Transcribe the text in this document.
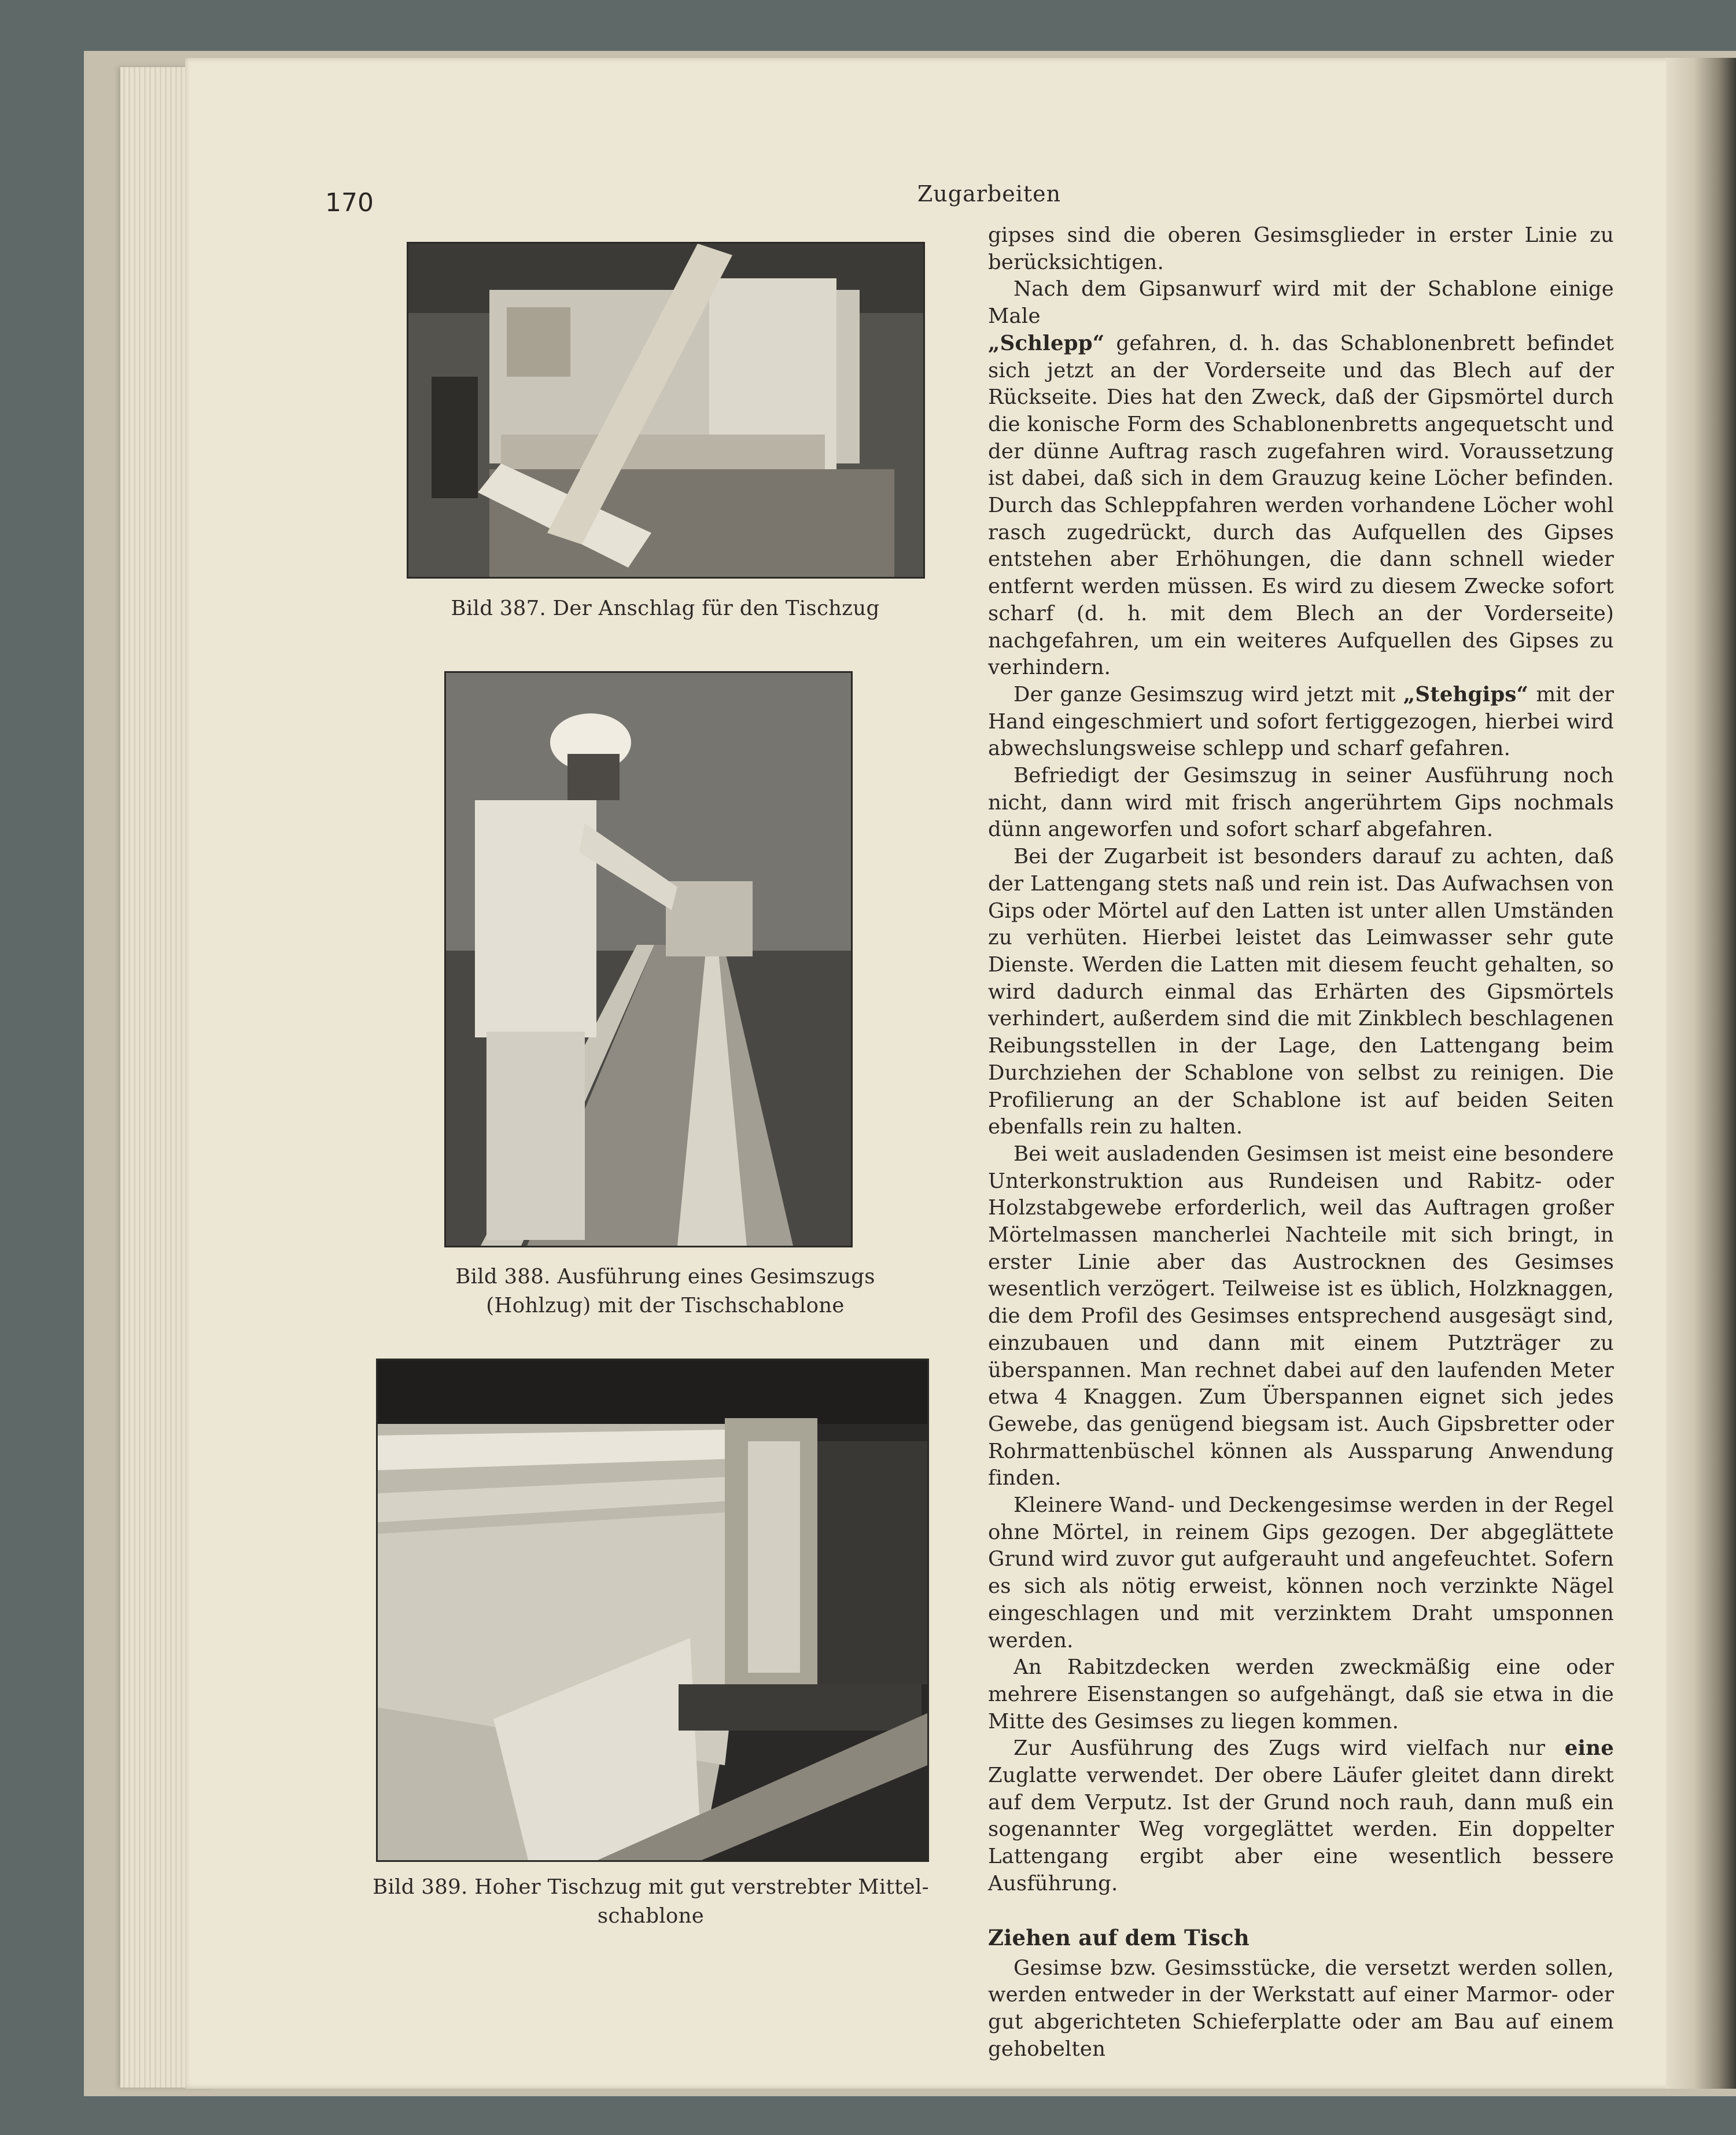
170	Zugarbeiten
Bild 387. Der Anschlag für den Tischzug
Bild 388. Ausführung eines Gesimszugs
(Hohlzug) mit der Tischschablone
Bild 389. Hoher Tischzug mit gut verstrebter Mittel-
schablone

gipses sind die oberen Gesimsglieder in erster Linie zu berücksichtigen.

Nach dem Gipsanwurf wird mit der Schablone einige Male
„Schlepp“ gefahren, d. h. das Schablonenbrett befindet sich jetzt an der Vorderseite und das Blech auf der Rückseite. Dies hat den Zweck, daß der Gipsmörtel durch die konische Form des Schablonenbretts angequetscht und der dünne Auftrag rasch zugefahren wird. Voraussetzung ist dabei, daß sich in dem Grauzug keine Löcher befinden. Durch das Schleppfahren werden vorhandene Löcher wohl rasch zugedrückt, durch das Aufquellen des Gipses entstehen aber Erhöhungen, die dann schnell wieder entfernt werden müssen. Es wird zu diesem Zwecke sofort scharf (d. h. mit dem Blech an der Vorderseite) nachgefahren, um ein weiteres Aufquellen des Gipses zu verhindern.

Der ganze Gesimszug wird jetzt mit „Stehgips“ mit der Hand eingeschmiert und sofort fertiggezogen, hierbei wird abwechslungsweise schlepp und scharf gefahren.

Befriedigt der Gesimszug in seiner Ausführung noch nicht, dann wird mit frisch angerührtem Gips nochmals dünn angeworfen und sofort scharf abgefahren.

Bei der Zugarbeit ist besonders darauf zu achten, daß der Lattengang stets naß und rein ist. Das Aufwachsen von Gips oder Mörtel auf den Latten ist unter allen Umständen zu verhüten. Hierbei leistet das Leimwasser sehr gute Dienste. Werden die Latten mit diesem feucht gehalten, so wird dadurch einmal das Erhärten des Gipsmörtels verhindert, außerdem sind die mit Zinkblech beschlagenen Reibungsstellen in der Lage, den Lattengang beim Durchziehen der Schablone von selbst zu reinigen. Die Profilierung an der Schablone ist auf beiden Seiten ebenfalls rein zu halten.

Bei weit ausladenden Gesimsen ist meist eine besondere Unterkonstruktion aus Rundeisen und Rabitz- oder Holzstabgewebe erforderlich, weil das Auftragen großer Mörtelmassen mancherlei Nachteile mit sich bringt, in erster Linie aber das Austrocknen des Gesimses wesentlich verzögert. Teilweise ist es üblich, Holzknaggen, die dem Profil des Gesimses entsprechend ausgesägt sind, einzubauen und dann mit einem Putzträger zu überspannen. Man rechnet dabei auf den laufenden Meter etwa 4 Knaggen. Zum Überspannen eignet sich jedes Gewebe, das genügend biegsam ist. Auch Gipsbretter oder Rohrmattenbüschel können als Aussparung Anwendung finden.

Kleinere Wand- und Deckengesimse werden in der Regel ohne Mörtel, in reinem Gips gezogen. Der abgeglättete Grund wird zuvor gut aufgerauht und angefeuchtet. Sofern es sich als nötig erweist, können noch verzinkte Nägel eingeschlagen und mit verzinktem Draht umsponnen werden.

An Rabitzdecken werden zweckmäßig eine oder mehrere Eisenstangen so aufgehängt, daß sie etwa in die Mitte des Gesimses zu liegen kommen.

Zur Ausführung des Zugs wird vielfach nur eine Zuglatte verwendet. Der obere Läufer gleitet dann direkt auf dem Verputz. Ist der Grund noch rauh, dann muß ein sogenannter Weg vorgeglättet werden. Ein doppelter Lattengang ergibt aber eine wesentlich bessere Ausführung.

Ziehen auf dem Tisch

Gesimse bzw. Gesimsstücke, die versetzt werden sollen, werden entweder in der Werkstatt auf einer Marmor- oder gut abgerichteten Schieferplatte oder am Bau auf einem gehobelten
